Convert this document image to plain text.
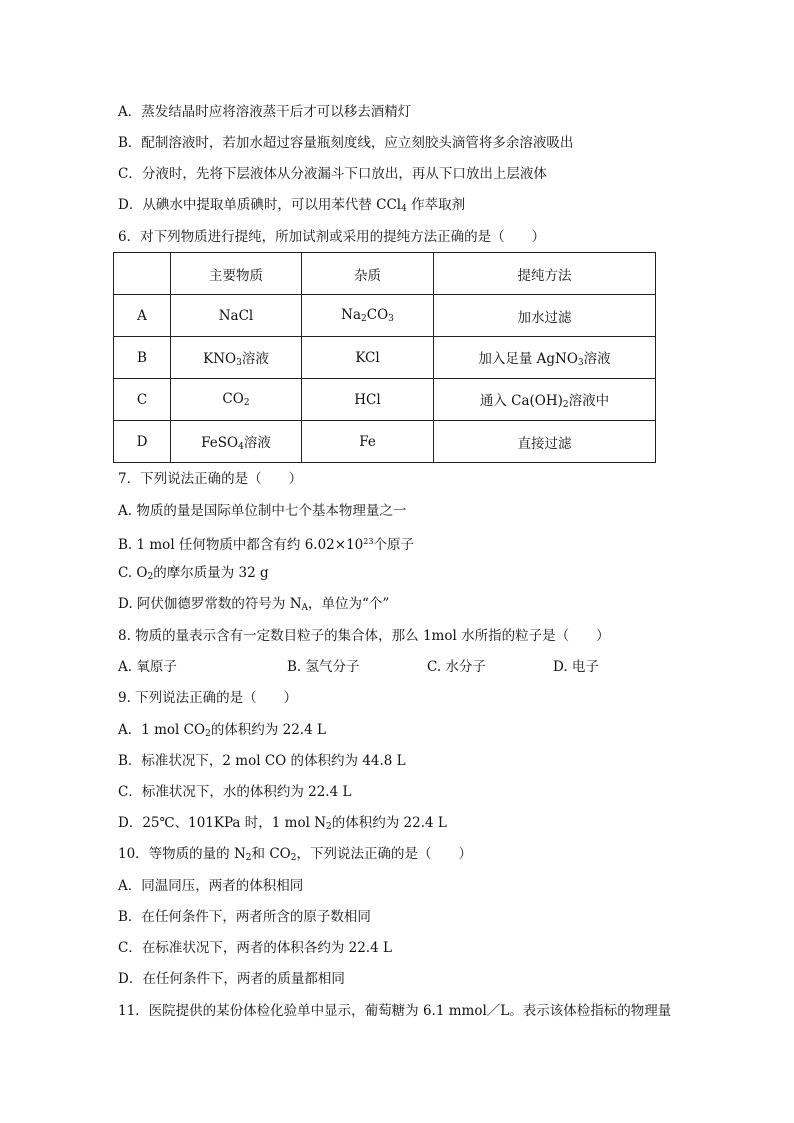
A．蒸发结晶时应将溶液蒸干后才可以移去酒精灯
B．配制溶液时，若加水超过容量瓶刻度线，应立刻胶头滴管将多余溶液吸出
C．分液时，先将下层液体从分液漏斗下口放出，再从下口放出上层液体
D．从碘水中提取单质碘时，可以用苯代替 CCl$_4$ 作萃取剂
6．对下列物质进行提纯，所加试剂或采用的提纯方法正确的是（　　）
	主要物质	杂质	提纯方法
A	NaCl	$Na_2CO_3$	加水过滤
B	$KNO_3$溶液	KCl	加入足量 AgNO$_3$溶液
C	$CO_2$	HCl	通入 $Ca(OH)_2$溶液中
D	FeSO$_4$溶液	Fe	直接过滤
7．下列说法正确的是（　　）
A. 物质的量是国际单位制中七个基本物理量之一
B. 1 mol 任何物质中都含有约 $6.02\times 10^{23}$个原子
C. $O_2$的摩尔质量为 32 g
D. 阿伏伽德罗常数的符号为 $N_A$，单位为“个”
8. 物质的量表示含有一定数目粒子的集合体，那么 1mol 水所指的粒子是（　　）
A. 氧原子	B. 氢气分子	C. 水分子	D. 电子
9. 下列说法正确的是（　　）
A．1 mol $CO_2$的体积约为 22.4 L
B．标准状况下，2 mol CO 的体积约为 44.8 L
C．标准状况下，水的体积约为 22.4 L
D．25℃、101KPa 时，1 mol $N_2$的体积约为 22.4 L
10．等物质的量的 $N_2$和 $CO_2$，下列说法正确的是（　　）
A．同温同压，两者的体积相同
B．在任何条件下，两者所含的原子数相同
C．在标准状况下，两者的体积各约为 22.4 L
D．在任何条件下，两者的质量都相同
11．医院提供的某份体检化验单中显示，葡萄糖为 6.1 mmol／L。表示该体检指标的物理量
